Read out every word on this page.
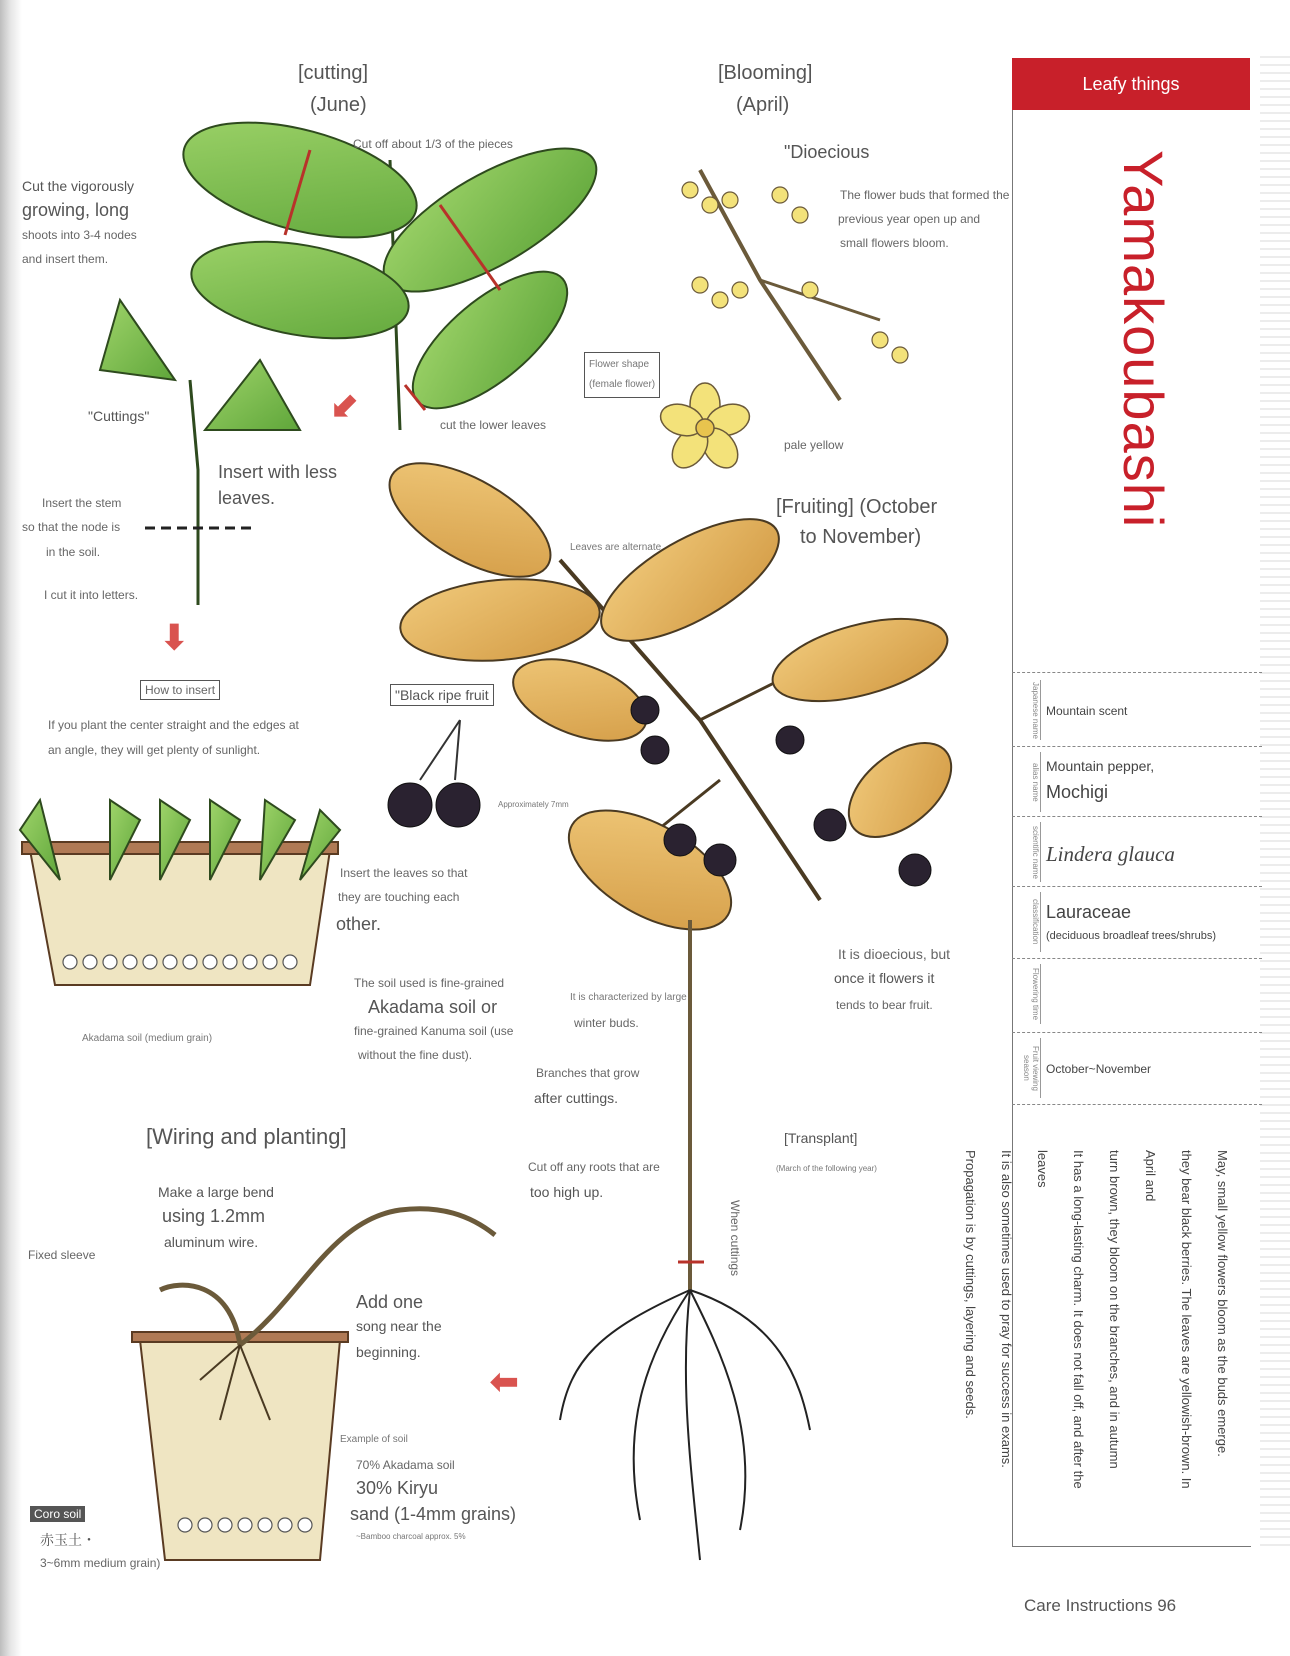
[cutting]
(June)
Cut off about 1/3 of the pieces
Cut the vigorously
growing, long
shoots into 3-4 nodes
and insert them.
cut the lower leaves
"Cuttings"
Insert with less
leaves.
Insert the stem
so that the node is
in the soil.
I cut it into letters.
⬇
How to insert
If you plant the center straight and the edges at
an angle, they will get plenty of sunlight.
Insert the leaves so that
they are touching each
other.
Akadama soil (medium grain)
The soil used is fine-grained
Akadama soil or
fine-grained Kanuma soil (use
without the fine dust).
[Blooming]
(April)
"Dioecious
The flower buds that formed the
previous year open up and
small flowers bloom.
Flower shape
(female flower)
pale yellow
[Fruiting] (October
to November)
Leaves are alternate
"Black ripe fruit
Approximately 7mm
It is dioecious, but
once it flowers it
tends to bear fruit.
It is characterized by large
winter buds.
Branches that grow
after cuttings.
Cut off any roots that are
too high up.
[Transplant]
(March of the following year)
When cuttings
⬅
⬋
[Wiring and planting]
Make a large bend
using 1.2mm
aluminum wire.
Fixed sleeve
Add one
song near the
beginning.
Example of soil
70% Akadama soil
30% Kiryu
sand (1-4mm grains)
~Bamboo charcoal approx. 5%
Coro soil
赤玉土・
3~6mm medium grain)
Leafy things
Yamakoubashi
Japanese name Mountain scent
alias name Mountain pepper,
Mochigi
scientific name Lindera glauca
classification Lauraceae
(deciduous broadleaf trees/shrubs)
Flowering time
Fruit viewing season	October~November
May, small yellow flowers bloom as the buds emerge.
they bear black berries. The leaves are yellowish-brown. In April and
turn brown, they bloom on the branches, and in autumn
It has a long-lasting charm. It does not fall off, and after the leaves
It is also sometimes used to pray for success in exams.
Propagation is by cuttings, layering and seeds.
Care Instructions 96
